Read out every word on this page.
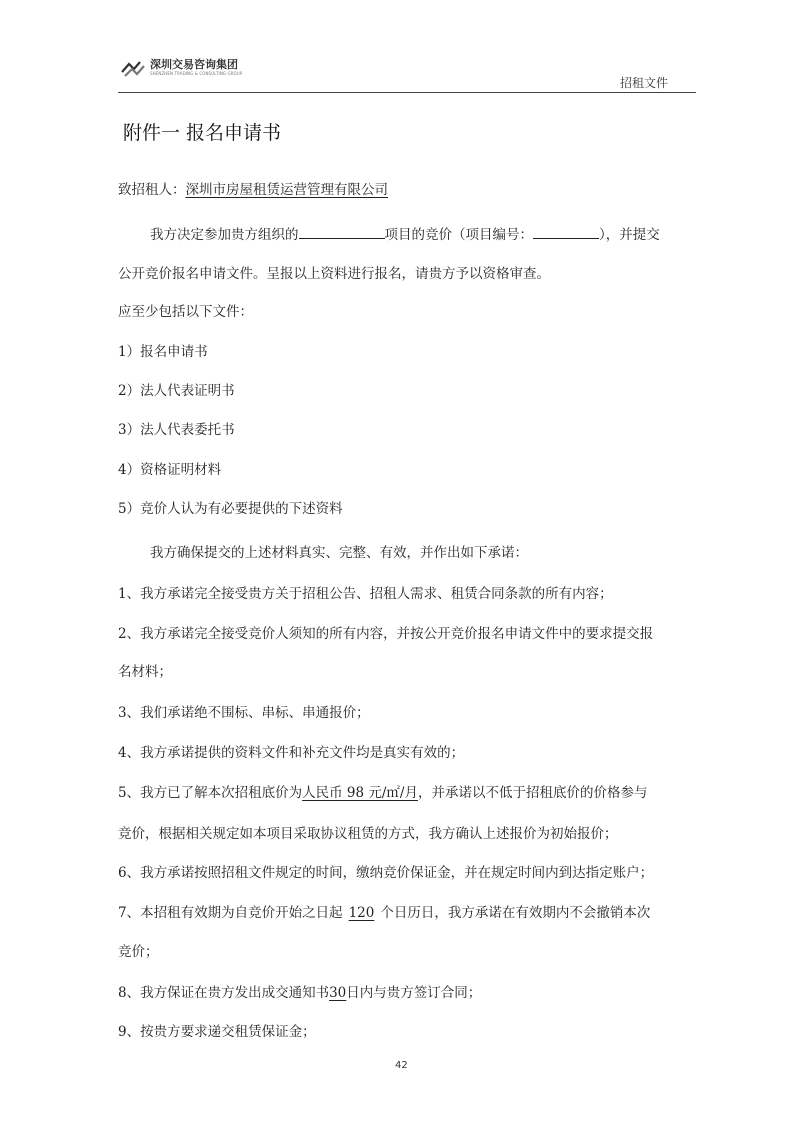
深圳交易咨询集团
SHENZHEN TRADING & CONSULTING GROUP
招租文件
附件一 报名申请书
致招租人：深圳市房屋租赁运营管理有限公司
我方决定参加贵方组织的	项目的竞价（项目编号：	），并提交
公开竞价报名申请文件。呈报以上资料进行报名，请贵方予以资格审查。
应至少包括以下文件：
1）报名申请书
2）法人代表证明书
3）法人代表委托书
4）资格证明材料
5）竞价人认为有必要提供的下述资料
我方确保提交的上述材料真实、完整、有效，并作出如下承诺：
1、我方承诺完全接受贵方关于招租公告、招租人需求、租赁合同条款的所有内容；
2、我方承诺完全接受竞价人须知的所有内容，并按公开竞价报名申请文件中的要求提交报
名材料；
3、我们承诺绝不围标、串标、串通报价；
4、我方承诺提供的资料文件和补充文件均是真实有效的；
5、我方已了解本次招租底价为人民币 98 元/㎡/月，并承诺以不低于招租底价的价格参与
竞价，根据相关规定如本项目采取协议租赁的方式，我方确认上述报价为初始报价；
6、我方承诺按照招租文件规定的时间，缴纳竞价保证金，并在规定时间内到达指定账户；
7、本招租有效期为自竞价开始之日起 120 个日历日，我方承诺在有效期内不会撤销本次
竞价；
8、我方保证在贵方发出成交通知书30日内与贵方签订合同；
9、按贵方要求递交租赁保证金；
42
